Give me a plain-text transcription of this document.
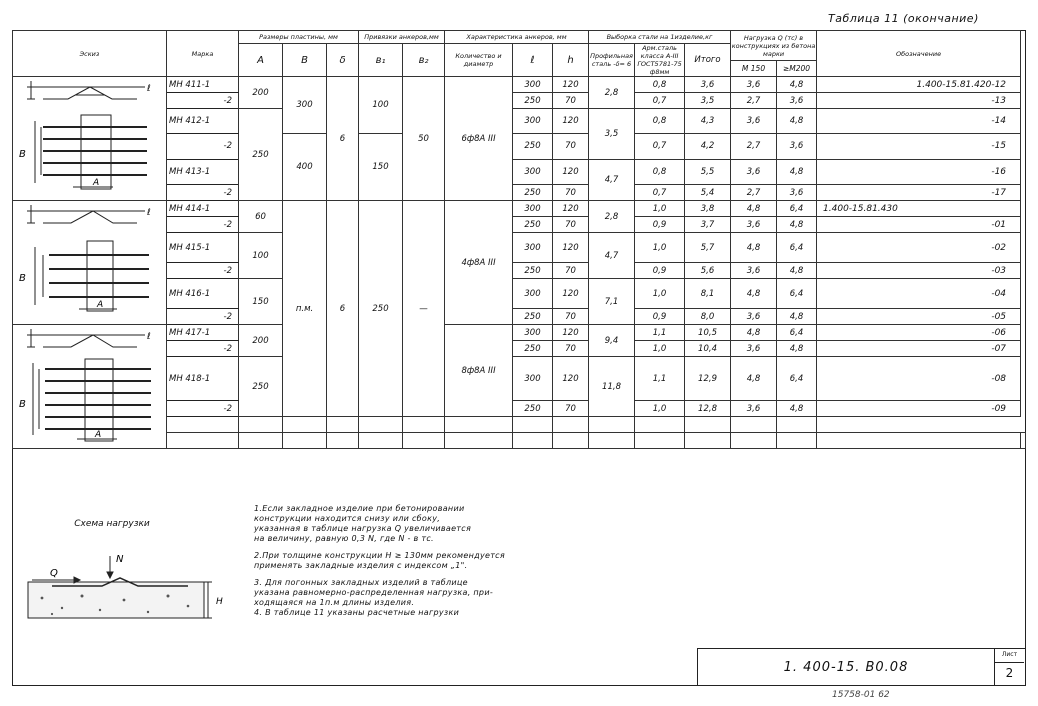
Таблица 11 (окончание)
Эскиз	Марка	Размеры пластины, мм			Привязки анкеров,мм		Характеристика анкеров, мм			Выборка стали на 1изделие,кг			Нагрузка Q (тс) в конструкциях из бетона марки		Обозначение	
		А	В	δ	в₁	в₂	Количество и диаметр	ℓ	h	Профильная сталь -δ= 6	Арм.сталь класса A-III ГОСТ5781-75 ф8мм	Итого				
													М 150	≥М200		

В
А
ℓ	МН 411-1	200	300	6	100	50	6ф8A III	300	120	2,8	0,8	3,6	3,6	4,8	1.400-15.81.420-12	
	-2							250	70		0,7	3,5	2,7	3,6	-13	
	МН 412-1	250						300	120	3,5	0,8	4,3	3,6	4,8	-14	
	-2		400		150			250	70		0,7	4,2	2,7	3,6	-15	
	МН 413-1							300	120	4,7	0,8	5,5	3,6	4,8	-16	
	-2							250	70		0,7	5,4	2,7	3,6	-17	

В
А
ℓ	МН 414-1	60	п.м.	6	250	—	4ф8A III	300	120	2,8	1,0	3,8	4,8	6,4	1.400-15.81.430	
	-2							250	70		0,9	3,7	3,6	4,8	-01	
	МН 415-1	100						300	120	4,7	1,0	5,7	4,8	6,4	-02	
	-2							250	70		0,9	5,6	3,6	4,8	-03	
	МН 416-1	150						300	120	7,1	1,0	8,1	4,8	6,4	-04	
	-2							250	70		0,9	8,0	3,6	4,8	-05	

В
А
ℓ	МН 417-1	200					8ф8A III	300	120	9,4	1,1	10,5	4,8	6,4	-06	
	-2							250	70		1,0	10,4	3,6	4,8	-07	
	МН 418-1	250						300	120	11,8	1,1	12,9	4,8	6,4	-08	
	-2							250	70		1,0	12,8	3,6	4,8	-09	

Схема нагрузки
Q
N
H

1.Если закладное изделие при бетонировании
конструкции находится снизу или сбоку,
указанная в таблице нагрузка Q увеличивается
на величину, равную 0,3 N, где N - в тс.

2.При толщине конструкции H ≥ 130мм рекомендуется
применять закладные изделия с индексом „1".

3. Для погонных закладных изделий в таблице
указана равномерно-распределенная нагрузка, при-
ходящаяся на 1п.м длины изделия.
4. В таблице 11 указаны расчетные нагрузки

1. 400-15. В0.08
Лист
2
15758-01 62
